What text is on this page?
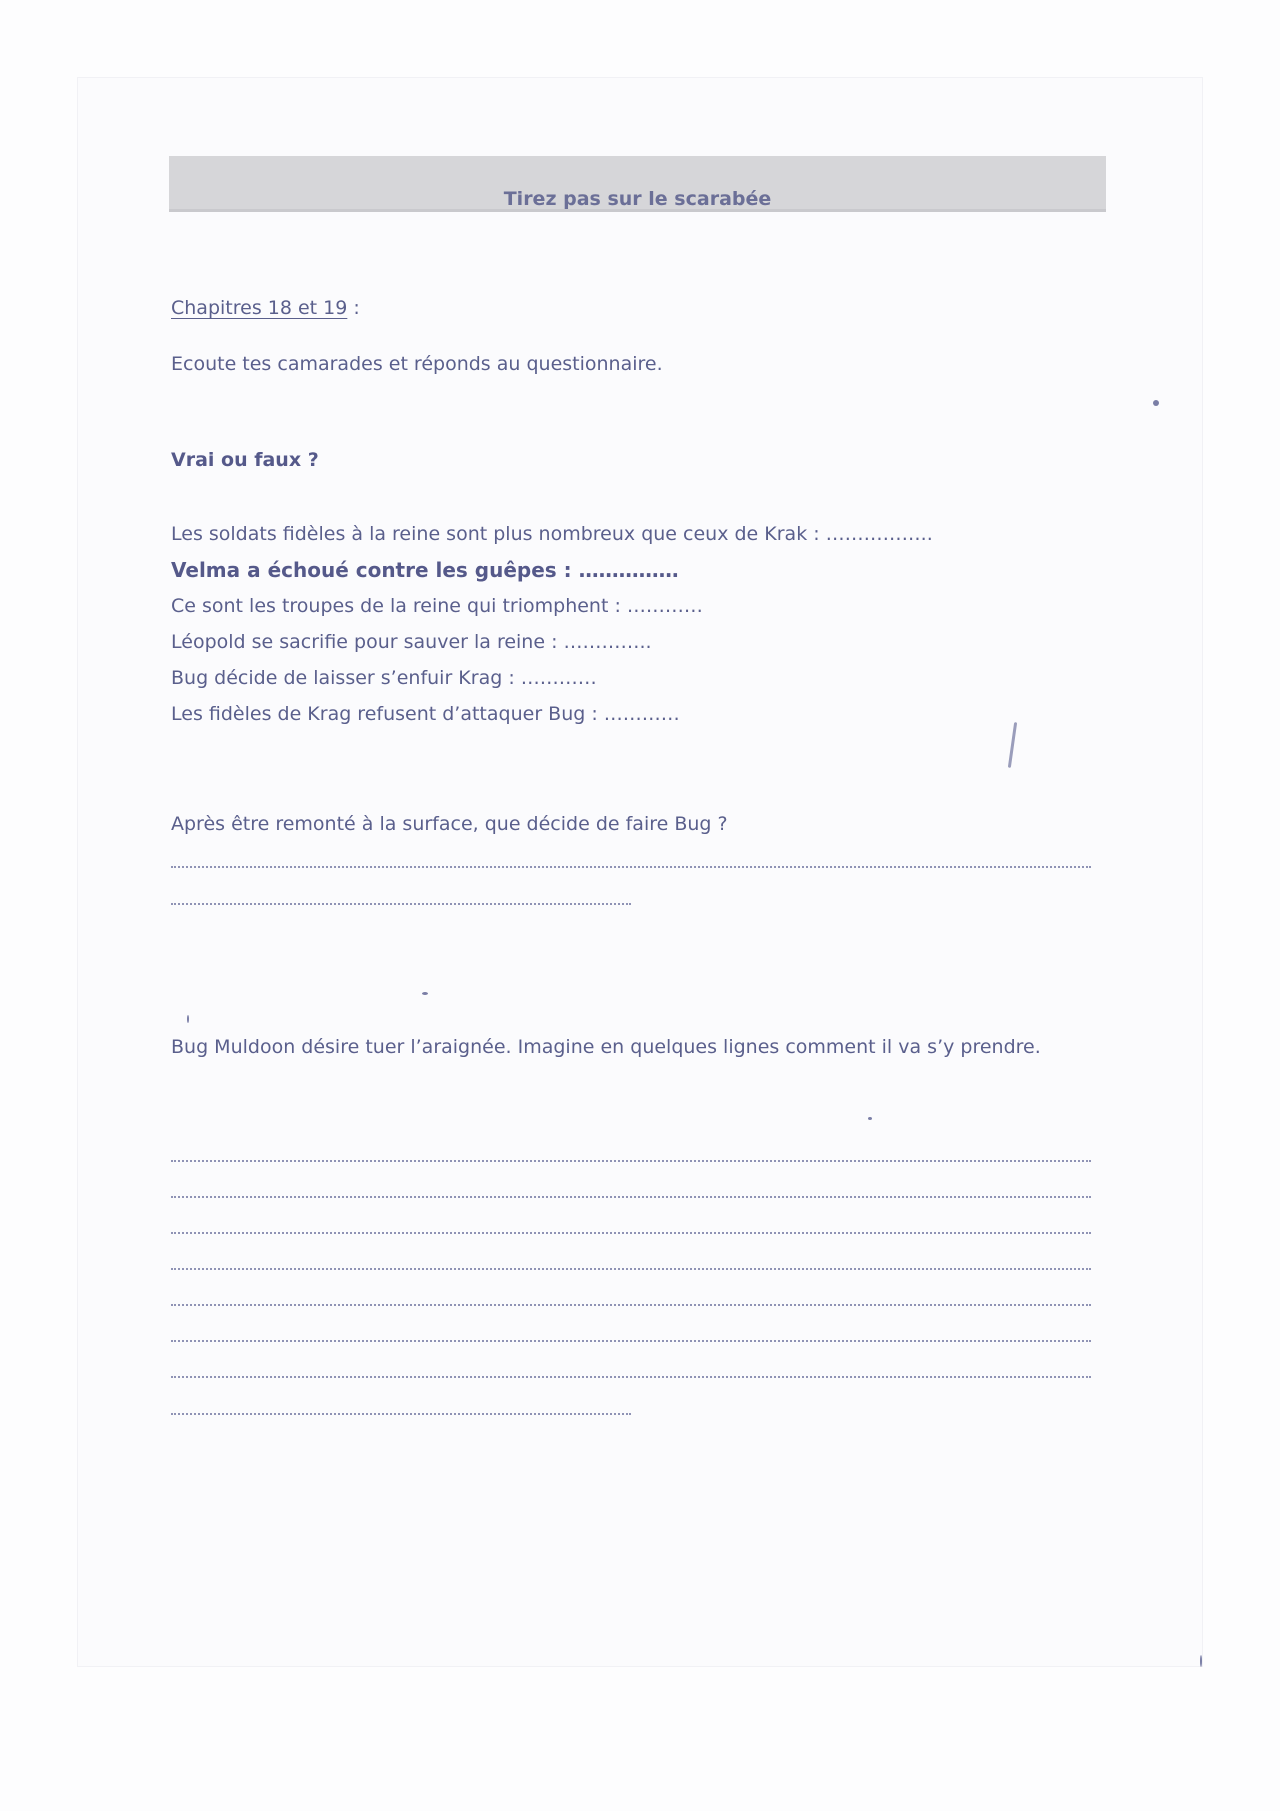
Tirez pas sur le scarabée
Chapitres 18 et 19 :
Ecoute tes camarades et réponds au questionnaire.
Vrai ou faux ?
Les soldats fidèles à la reine sont plus nombreux que ceux de Krak : ……………..
Velma a échoué contre les guêpes : ……………
Ce sont les troupes de la reine qui triomphent : …………
Léopold se sacrifie pour sauver la reine : …………..
Bug décide de laisser s’enfuir Krag : …………
Les fidèles de Krag refusent d’attaquer Bug : …………
Après être remonté à la surface, que décide de faire Bug ?
Bug Muldoon désire tuer l’araignée. Imagine en quelques lignes comment il va s’y prendre.
